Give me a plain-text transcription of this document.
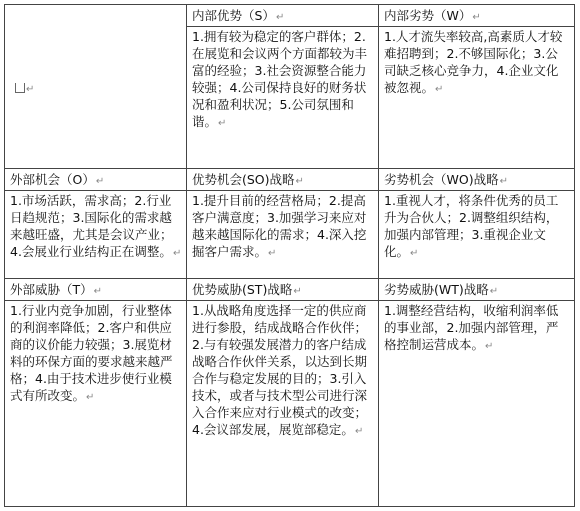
↵	内部优势（S）↵	内部劣势（W）↵

	1.拥有较为稳定的客户群体；2.在展览和会议两个方面都较为丰富的经验；3.社会资源整合能力较强；4.公司保持良好的财务状况和盈利状况；5.公司氛围和谐。↵	1.人才流失率较高,高素质人才较难招聘到；2.不够国际化；3.公司缺乏核心竞争力，4.企业文化被忽视。↵

外部机会（O）↵	优势机会(SO)战略↵	劣势机会（WO)战略↵

1.市场活跃，需求高；2.行业日趋规范；3.国际化的需求越来越旺盛，尤其是会议产业；4.会展业行业结构正在调整。↵	1.提升目前的经营格局；2.提高客户满意度；3.加强学习来应对越来越国际化的需求；4.深入挖掘客户需求。↵	1.重视人才，将条件优秀的员工升为合伙人；2.调整组织结构，加强内部管理；3.重视企业文化。↵

外部威胁（T）↵	优势威胁(ST)战略↵	劣势威胁(WT)战略↵

1.行业内竞争加剧，行业整体的利润率降低；2.客户和供应商的议价能力较强；3.展览材料的环保方面的要求越来越严格；4.由于技术进步使行业模式有所改变。↵	1.从战略角度选择一定的供应商进行参股，结成战略合作伙伴；2.与有较强发展潜力的客户结成战略合作伙伴关系，以达到长期合作与稳定发展的目的；3.引入技术，或者与技术型公司进行深入合作来应对行业模式的改变；4.会议部发展，展览部稳定。↵	1.调整经营结构，收缩利润率低的事业部，2.加强内部管理，严格控制运营成本。↵
